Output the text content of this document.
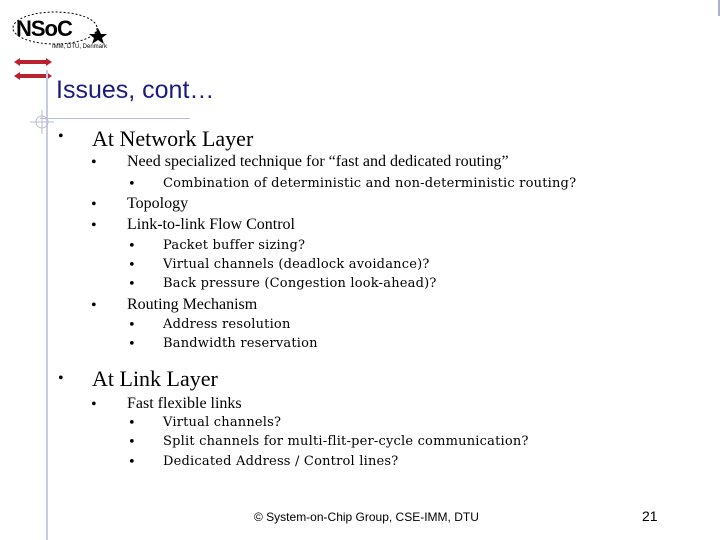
NSoC
IMM, DTU, Denmark
Issues, cont…
• At Network Layer
• Need specialized technique for “fast and dedicated routing”
• Combination of deterministic and non-deterministic routing?
• Topology
• Link-to-link Flow Control
• Packet buffer sizing?
• Virtual channels (deadlock avoidance)?
• Back pressure (Congestion look-ahead)?
• Routing Mechanism
• Address resolution
• Bandwidth reservation
• At Link Layer
• Fast flexible links
• Virtual channels?
• Split channels for multi-flit-per-cycle communication?
• Dedicated Address / Control lines?
© System-on-Chip Group, CSE-IMM, DTU	21
